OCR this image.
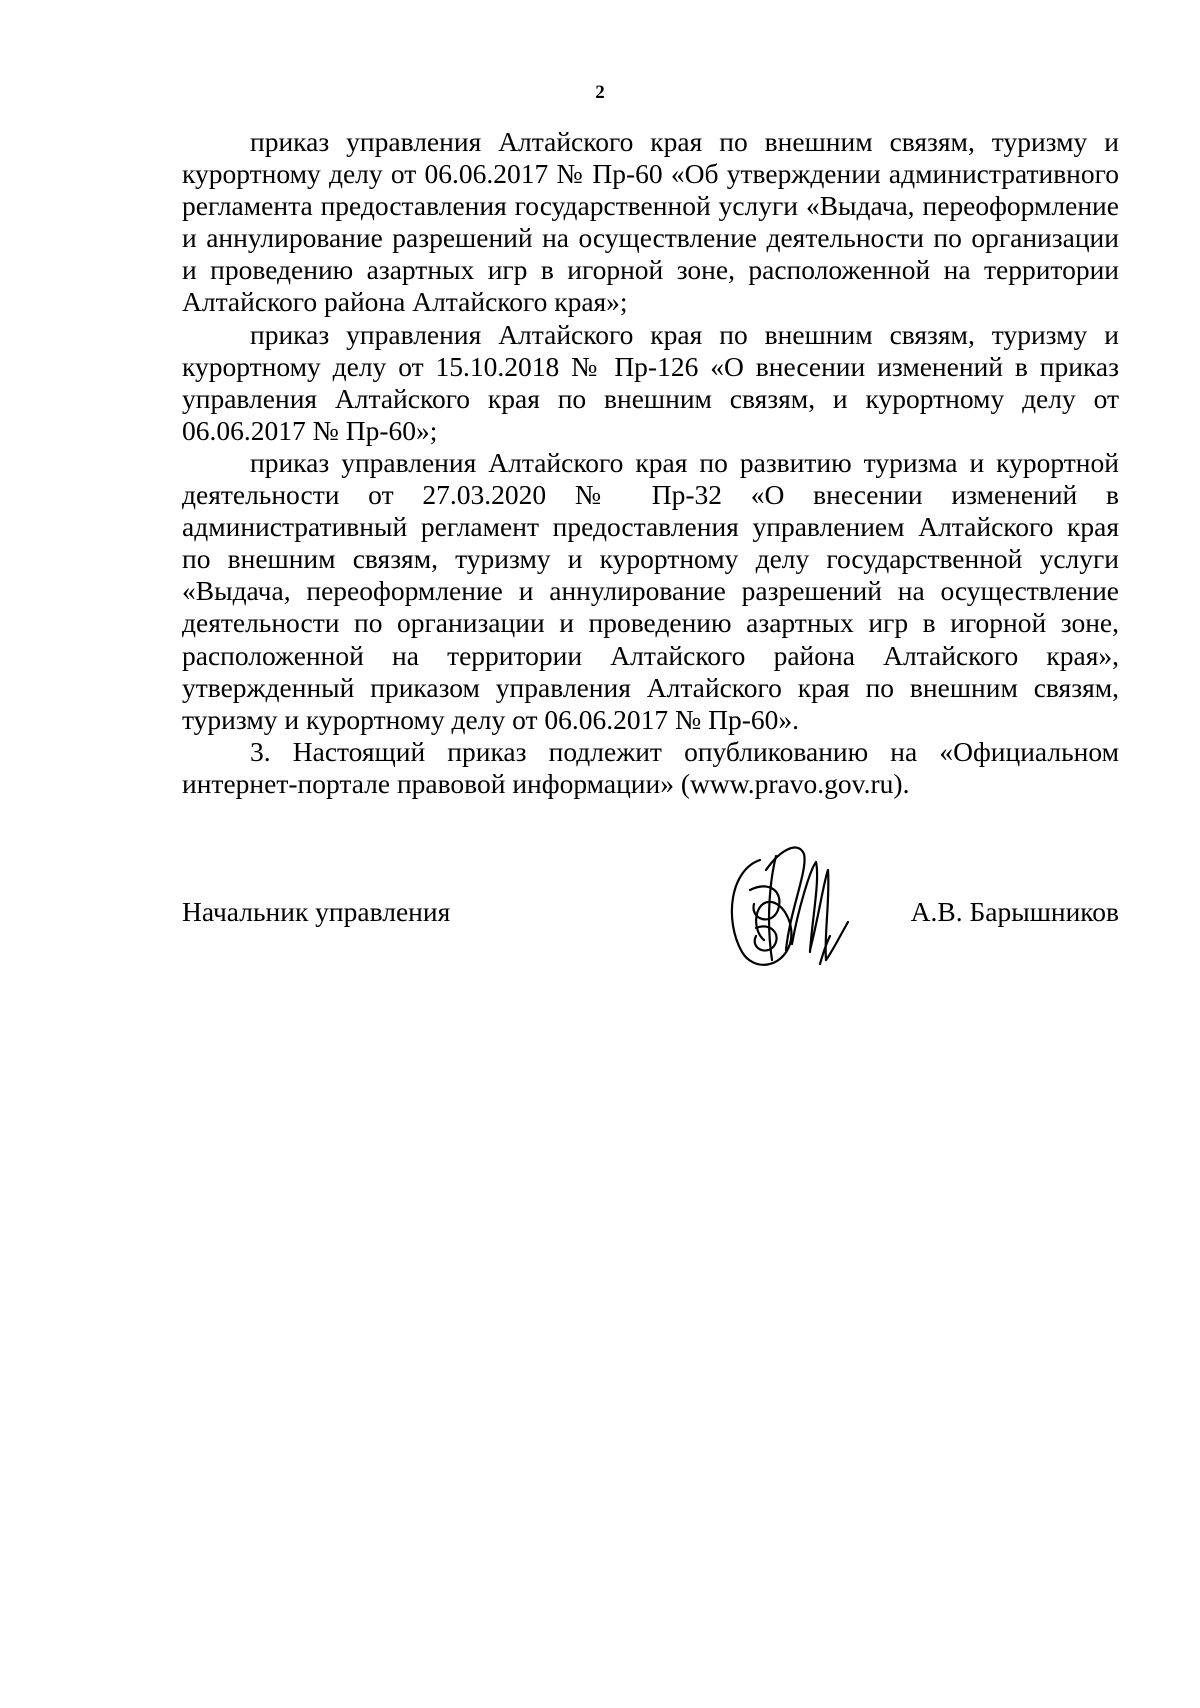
2

приказ управления Алтайского края по внешним связям, туризму и курортному делу от 06.06.2017 № Пр-60 «Об утверждении административного регламента предоставления государственной услуги «Выдача, переоформление и аннулирование разрешений на осуществление деятельности по организации и проведению азартных игр в игорной зоне, расположенной на территории Алтайского района Алтайского края»;

приказ управления Алтайского края по внешним связям, туризму и курортному делу от 15.10.2018 № Пр-126 «О внесении изменений в приказ управления Алтайского края по внешним связям, и курортному делу от 06.06.2017 № Пр-60»;

приказ управления Алтайского края по развитию туризма и курортной деятельности от 27.03.2020 № Пр-32 «О внесении изменений в административный регламент предоставления управлением Алтайского края по внешним связям, туризму и курортному делу государственной услуги «Выдача, переоформление и аннулирование разрешений на осуществление деятельности по организации и проведению азартных игр в игорной зоне, расположенной на территории Алтайского района Алтайского края», утвержденный приказом управления Алтайского края по внешним связям, туризму и курортному делу от 06.06.2017 № Пр-60».

3. Настоящий приказ подлежит опубликованию на «Официальном интернет-портале правовой информации» (www.pravo.gov.ru).

Начальник управления	А.В. Барышников
